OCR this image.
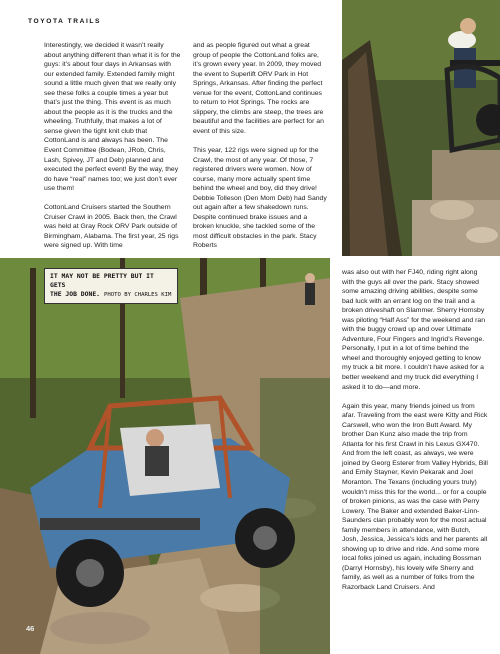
TOYOTA TRAILS

Interestingly, we decided it wasn’t really about anything different than what it is for the guys: it’s about four days in Arkansas with our extended family. Extended family might sound a little much given that we really only see these folks a couple times a year but that’s just the thing. This event is as much about the people as it is the trucks and the wheeling. Truthfully, that makes a lot of sense given the tight knit club that CottonLand is and always has been. The Event Committee (Bodean, JRob, Chris, Lash, Spivey, JT and Deb) planned and executed the perfect event! By the way, they do have “real” names too; we just don’t ever use them!

CottonLand Cruisers started the Southern Cruiser Crawl in 2005. Back then, the Crawl was held at Gray Rock ORV Park outside of Birmingham, Alabama. The first year, 25 rigs were signed up. With time

and as people figured out what a great group of people the CottonLand folks are, it’s grown every year. In 2009, they moved the event to Superlift ORV Park in Hot Springs, Arkansas. After finding the perfect venue for the event, CottonLand continues to return to Hot Springs. The rocks are slippery, the climbs are steep, the trees are beautiful and the facilities are perfect for an event of this size.

This year, 122 rigs were signed up for the Crawl, the most of any year. Of those, 7 registered drivers were women. Now of course, many more actually spent time behind the wheel and boy, did they drive! Debbie Tolleson (Den Mom Deb) had Sandy out again after a few shakedown runs. Despite continued brake issues and a broken knuckle, she tackled some of the most difficult obstacles in the park. Stacy Roberts

IT MAY NOT BE PRETTY BUT IT GETS
THE JOB DONE. PHOTO BY CHARLES KIM
46

was also out with her FJ40, riding right along with the guys all over the park. Stacy showed some amazing driving abilities, despite some bad luck with an errant log on the trail and a broken driveshaft on Slammer. Sherry Hornsby was piloting “Half Ass” for the weekend and ran with the buggy crowd up and over Ultimate Adventure, Four Fingers and Ingrid’s Revenge. Personally, I put in a lot of time behind the wheel and thoroughly enjoyed getting to know my truck a bit more. I couldn’t have asked for a better weekend and my truck did everything I asked it to do—and more.

Again this year, many friends joined us from afar. Traveling from the east were Kitty and Rick Carswell, who won the Iron Butt Award. My brother Dan Kunz also made the trip from Atlanta for his first Crawl in his Lexus GX470. And from the left coast, as always, we were joined by Georg Esterer from Valley Hybrids, Bill and Emily Stayner, Kevin Pekarak and Joel Moranton. The Texans (including yours truly) wouldn’t miss this for the world... or for a couple of broken pinions, as was the case with Perry Lowery. The Baker and extended Baker-Linn-Saunders clan probably won for the most actual family members in attendance, with Butch, Josh, Jessica, Jessica’s kids and her parents all showing up to drive and ride. And some more local folks joined us again, including Bossman (Darryl Hornsby), his lovely wife Sherry and family, as well as a number of folks from the Razorback Land Cruisers. And
